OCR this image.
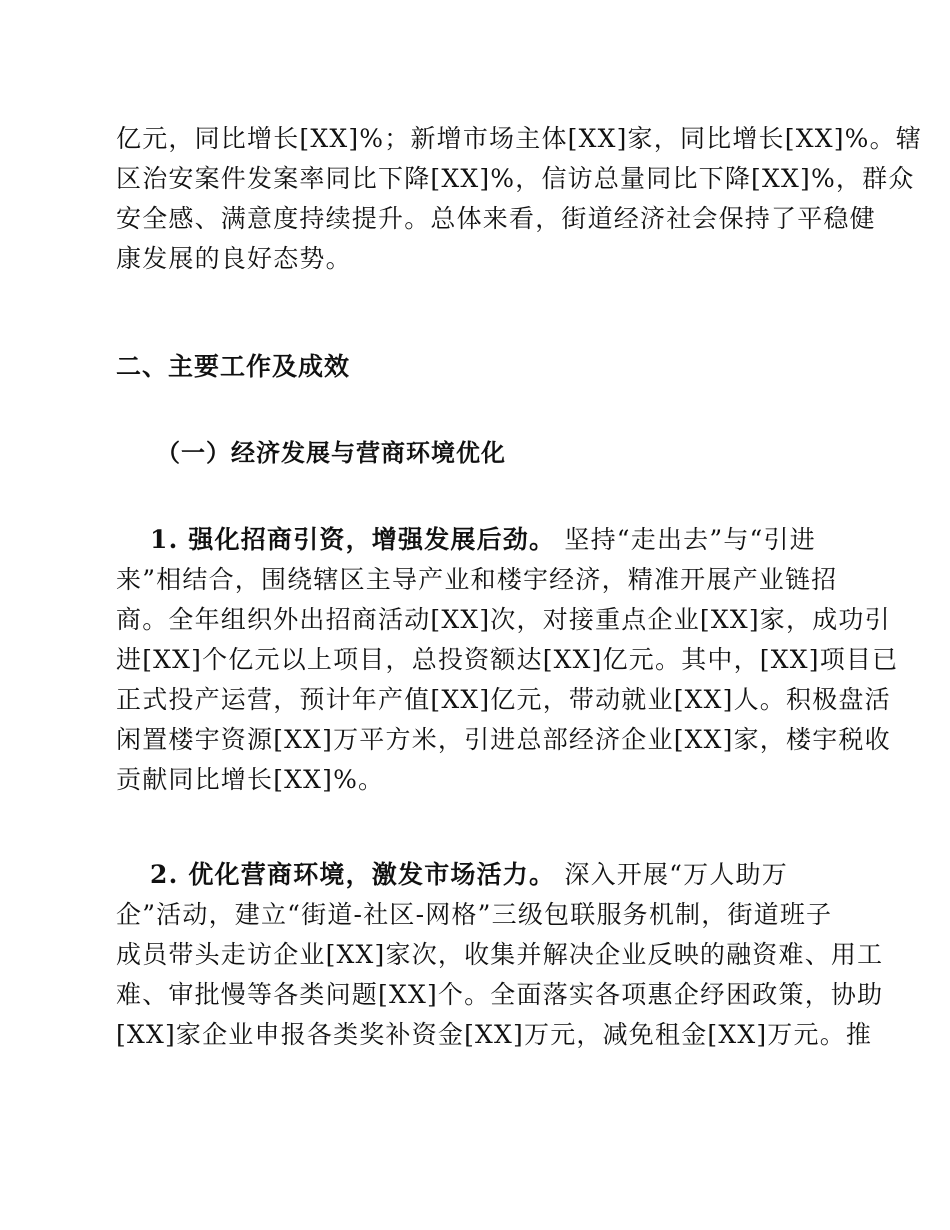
亿元，同比增长[XX]%；新增市场主体[XX]家，同比增长[XX]%。辖
区治安案件发案率同比下降[XX]%，信访总量同比下降[XX]%，群众
安全感、满意度持续提升。总体来看，街道经济社会保持了平稳健
康发展的良好态势。
二、主要工作及成效
（一）经济发展与营商环境优化
1. 强化招商引资，增强发展后劲。 坚持“走出去”与“引进
来”相结合，围绕辖区主导产业和楼宇经济，精准开展产业链招
商。全年组织外出招商活动[XX]次，对接重点企业[XX]家，成功引
进[XX]个亿元以上项目，总投资额达[XX]亿元。其中，[XX]项目已
正式投产运营，预计年产值[XX]亿元，带动就业[XX]人。积极盘活
闲置楼宇资源[XX]万平方米，引进总部经济企业[XX]家，楼宇税收
贡献同比增长[XX]%。
2. 优化营商环境，激发市场活力。 深入开展“万人助万
企”活动，建立“街道-社区-网格”三级包联服务机制，街道班子
成员带头走访企业[XX]家次，收集并解决企业反映的融资难、用工
难、审批慢等各类问题[XX]个。全面落实各项惠企纾困政策，协助
[XX]家企业申报各类奖补资金[XX]万元，减免租金[XX]万元。推
